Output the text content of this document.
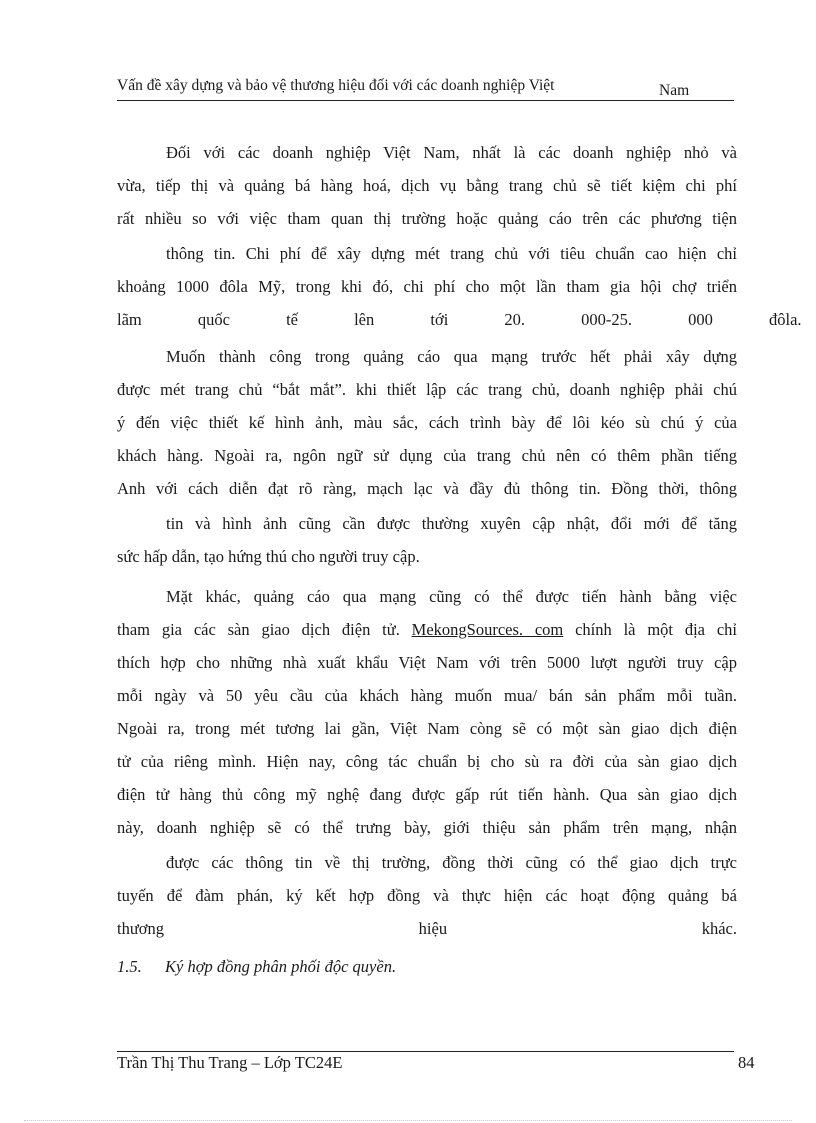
Vấn đề xây dựng và bảo vệ thương hiệu đối với các doanh nghiệp Việt	Nam
Đối với các doanh nghiệp Việt Nam, nhất là các doanh nghiệp nhỏ và
vừa, tiếp thị và quảng bá hàng hoá, dịch vụ bằng trang chủ sẽ tiết kiệm chi phí
rất nhiều so với việc tham quan thị trường hoặc quảng cáo trên các phương tiện
thông tin. Chi phí để xây dựng mét trang chủ với tiêu chuẩn cao hiện chỉ
khoảng 1000 đôla Mỹ, trong khi đó, chi phí cho một lần tham gia hội chợ triển
lãm quốc tế lên tới 20. 000-25. 000 đôla.
Muốn thành công trong quảng cáo qua mạng trước hết phải xây dựng
được mét trang chủ “bắt mắt”. khi thiết lập các trang chủ, doanh nghiệp phải chú
ý đến việc thiết kế hình ảnh, màu sắc, cách trình bày để lôi kéo sù chú ý của
khách hàng. Ngoài ra, ngôn ngữ sử dụng của trang chủ nên có thêm phần tiếng
Anh với cách diễn đạt rõ ràng, mạch lạc và đầy đủ thông tin. Đồng thời, thông
tin và hình ảnh cũng cần được thường xuyên cập nhật, đổi mới để tăng
sức hấp dẫn, tạo hứng thú cho người truy cập.
Mặt khác, quảng cáo qua mạng cũng có thể được tiến hành bằng việc
tham gia các sàn giao dịch điện tử. MekongSources. com chính là một địa chỉ
thích hợp cho những nhà xuất khẩu Việt Nam với trên 5000 lượt người truy cập
mỗi ngày và 50 yêu cầu của khách hàng muốn mua/ bán sản phẩm mỗi tuần.
Ngoài ra, trong mét tương lai gần, Việt Nam còng sẽ có một sàn giao dịch điện
tử của riêng mình. Hiện nay, công tác chuẩn bị cho sù ra đời của sàn giao dịch
điện tử hàng thủ công mỹ nghệ đang được gấp rút tiến hành. Qua sàn giao dịch
này, doanh nghiệp sẽ có thể trưng bày, giới thiệu sản phẩm trên mạng, nhận
được các thông tin về thị trường, đồng thời cũng có thể giao dịch trực
tuyến để đàm phán, ký kết hợp đồng và thực hiện các hoạt động quảng bá
thương hiệu khác.
1.5. Ký hợp đồng phân phối độc quyền.
Trần Thị Thu Trang – Lớp TC24E	84
